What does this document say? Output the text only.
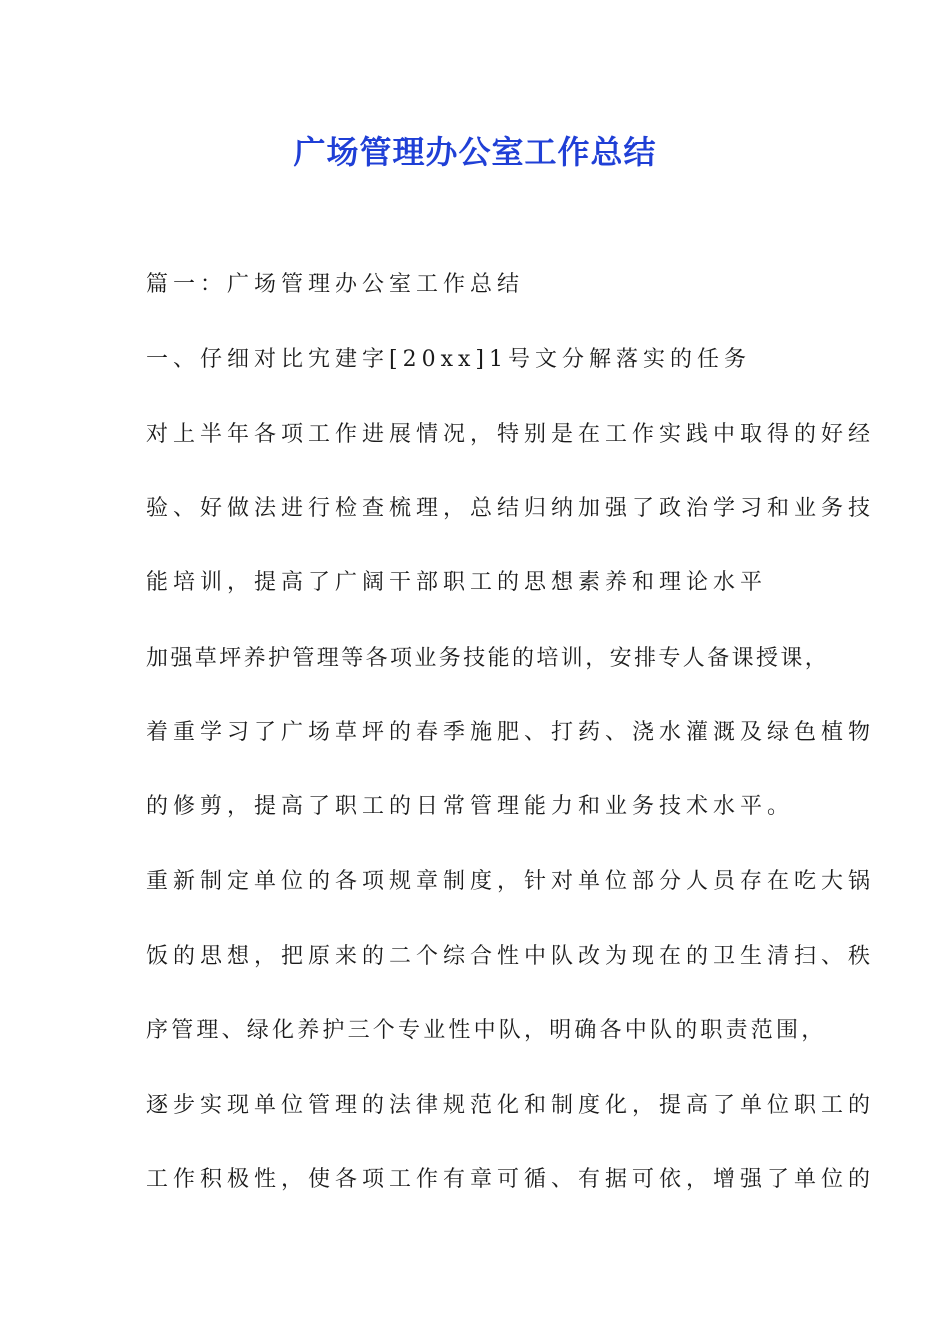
广场管理办公室工作总结

篇一：广场管理办公室工作总结

一、仔细对比宄建字[20xx]1号文分解落实的任务

对上半年各项工作进展情况，特别是在工作实践中取得的好经

验、好做法进行检查梳理，总结归纳加强了政治学习和业务技

能培训，提高了广阔干部职工的思想素养和理论水平

加强草坪养护管理等各项业务技能的培训，安排专人备课授课，

着重学习了广场草坪的春季施肥、打药、浇水灌溉及绿色植物

的修剪，提高了职工的日常管理能力和业务技术水平。

重新制定单位的各项规章制度，针对单位部分人员存在吃大锅

饭的思想，把原来的二个综合性中队改为现在的卫生清扫、秩

序管理、绿化养护三个专业性中队，明确各中队的职责范围，

逐步实现单位管理的法律规范化和制度化，提高了单位职工的

工作积极性，使各项工作有章可循、有据可依，增强了单位的
